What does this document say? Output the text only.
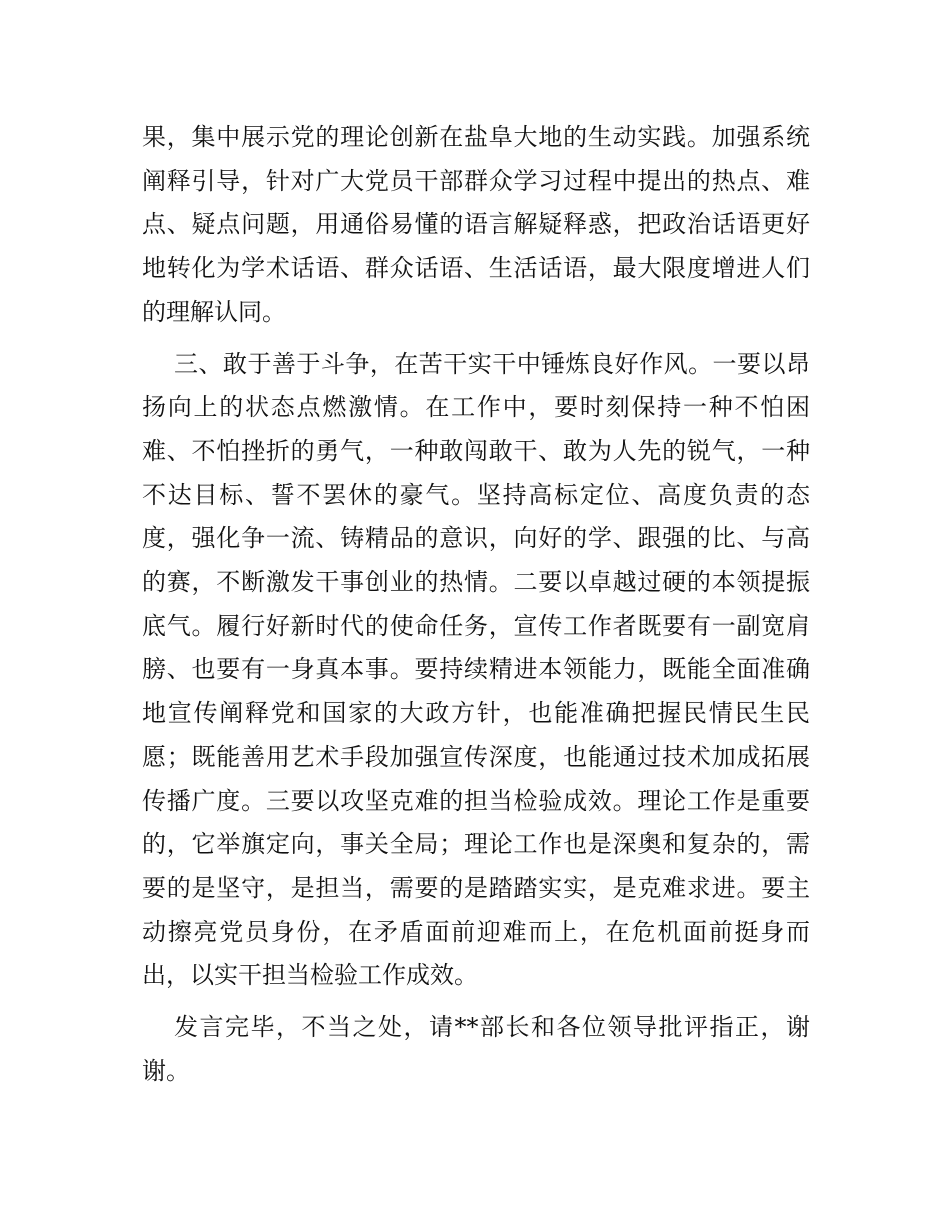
果，集中展示党的理论创新在盐阜大地的生动实践。加强系统阐释引导，针对广大党员干部群众学习过程中提出的热点、难点、疑点问题，用通俗易懂的语言解疑释惑，把政治话语更好地转化为学术话语、群众话语、生活话语，最大限度增进人们的理解认同。

三、敢于善于斗争，在苦干实干中锤炼良好作风。一要以昂扬向上的状态点燃激情。在工作中，要时刻保持一种不怕困难、不怕挫折的勇气，一种敢闯敢干、敢为人先的锐气，一种不达目标、誓不罢休的豪气。坚持高标定位、高度负责的态度，强化争一流、铸精品的意识，向好的学、跟强的比、与高的赛，不断激发干事创业的热情。二要以卓越过硬的本领提振底气。履行好新时代的使命任务，宣传工作者既要有一副宽肩膀、也要有一身真本事。要持续精进本领能力，既能全面准确地宣传阐释党和国家的大政方针，也能准确把握民情民生民愿；既能善用艺术手段加强宣传深度，也能通过技术加成拓展传播广度。三要以攻坚克难的担当检验成效。理论工作是重要的，它举旗定向，事关全局；理论工作也是深奥和复杂的，需要的是坚守，是担当，需要的是踏踏实实，是克难求进。要主动擦亮党员身份，在矛盾面前迎难而上，在危机面前挺身而出，以实干担当检验工作成效。

发言完毕，不当之处，请**部长和各位领导批评指正，谢谢。
